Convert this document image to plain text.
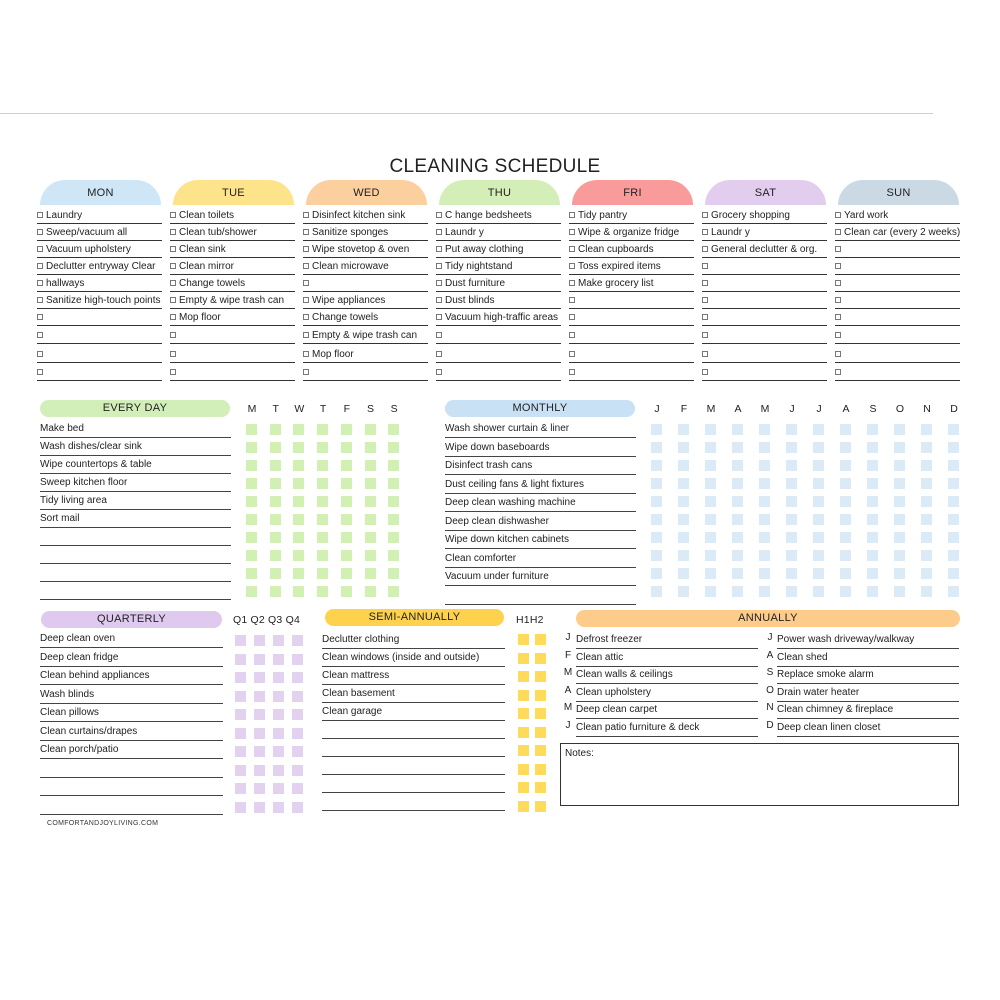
CLEANING SCHEDULE
MON
Laundry
Sweep/vacuum all
Vacuum upholstery
Declutter entryway Clear
hallways
Sanitize high-touch points
TUE
Clean toilets
Clean tub/shower
Clean sink
Clean mirror
Change towels
Empty & wipe trash can
Mop floor
WED
Disinfect kitchen sink
Sanitize sponges
Wipe stovetop & oven
Clean microwave
Wipe appliances
Change towels
Empty & wipe trash can
Mop floor
THU
C hange bedsheets
Laundr y
Put away clothing
Tidy nightstand
Dust furniture
Dust blinds
Vacuum high-traffic areas
FRI
Tidy pantry
Wipe & organize fridge
Clean cupboards
Toss expired items
Make grocery list
SAT
Grocery shopping
Laundr y
General declutter & org.
SUN
Yard work
Clean car (every 2 weeks)
EVERY DAY
Make bed
Wash dishes/clear sink
Wipe countertops & table
Sweep kitchen floor
Tidy living area
Sort mail
M T W T F S S	MONTHLY
Wash shower curtain & liner
Wipe down baseboards
Disinfect trash cans
Dust ceiling fans & light fixtures
Deep clean washing machine
Deep clean dishwasher
Wipe down kitchen cabinets
Clean comforter
Vacuum under furniture
J	F M A M	J	J	A S O N D
QUARTERLY
Deep clean oven
Deep clean fridge
Clean behind appliances
Wash blinds
Clean pillows
Clean curtains/drapes
Clean porch/patio
Q1 Q2 Q3 Q4	SEMI-ANNUALLY
Declutter clothing
Clean windows (inside and outside)
Clean mattress
Clean basement
Clean garage
H1H2	ANNUALLY
J Defrost freezer
F Clean attic
M Clean walls & ceilings
A Clean upholstery
M Deep clean carpet
J Clean patio furniture & deck
J Power wash driveway/walkway
A Clean shed
S Replace smoke alarm
O Drain water heater
N Clean chimney & fireplace
D Deep clean linen closet
Notes:
COMFORTANDJOYLIVING.COM
